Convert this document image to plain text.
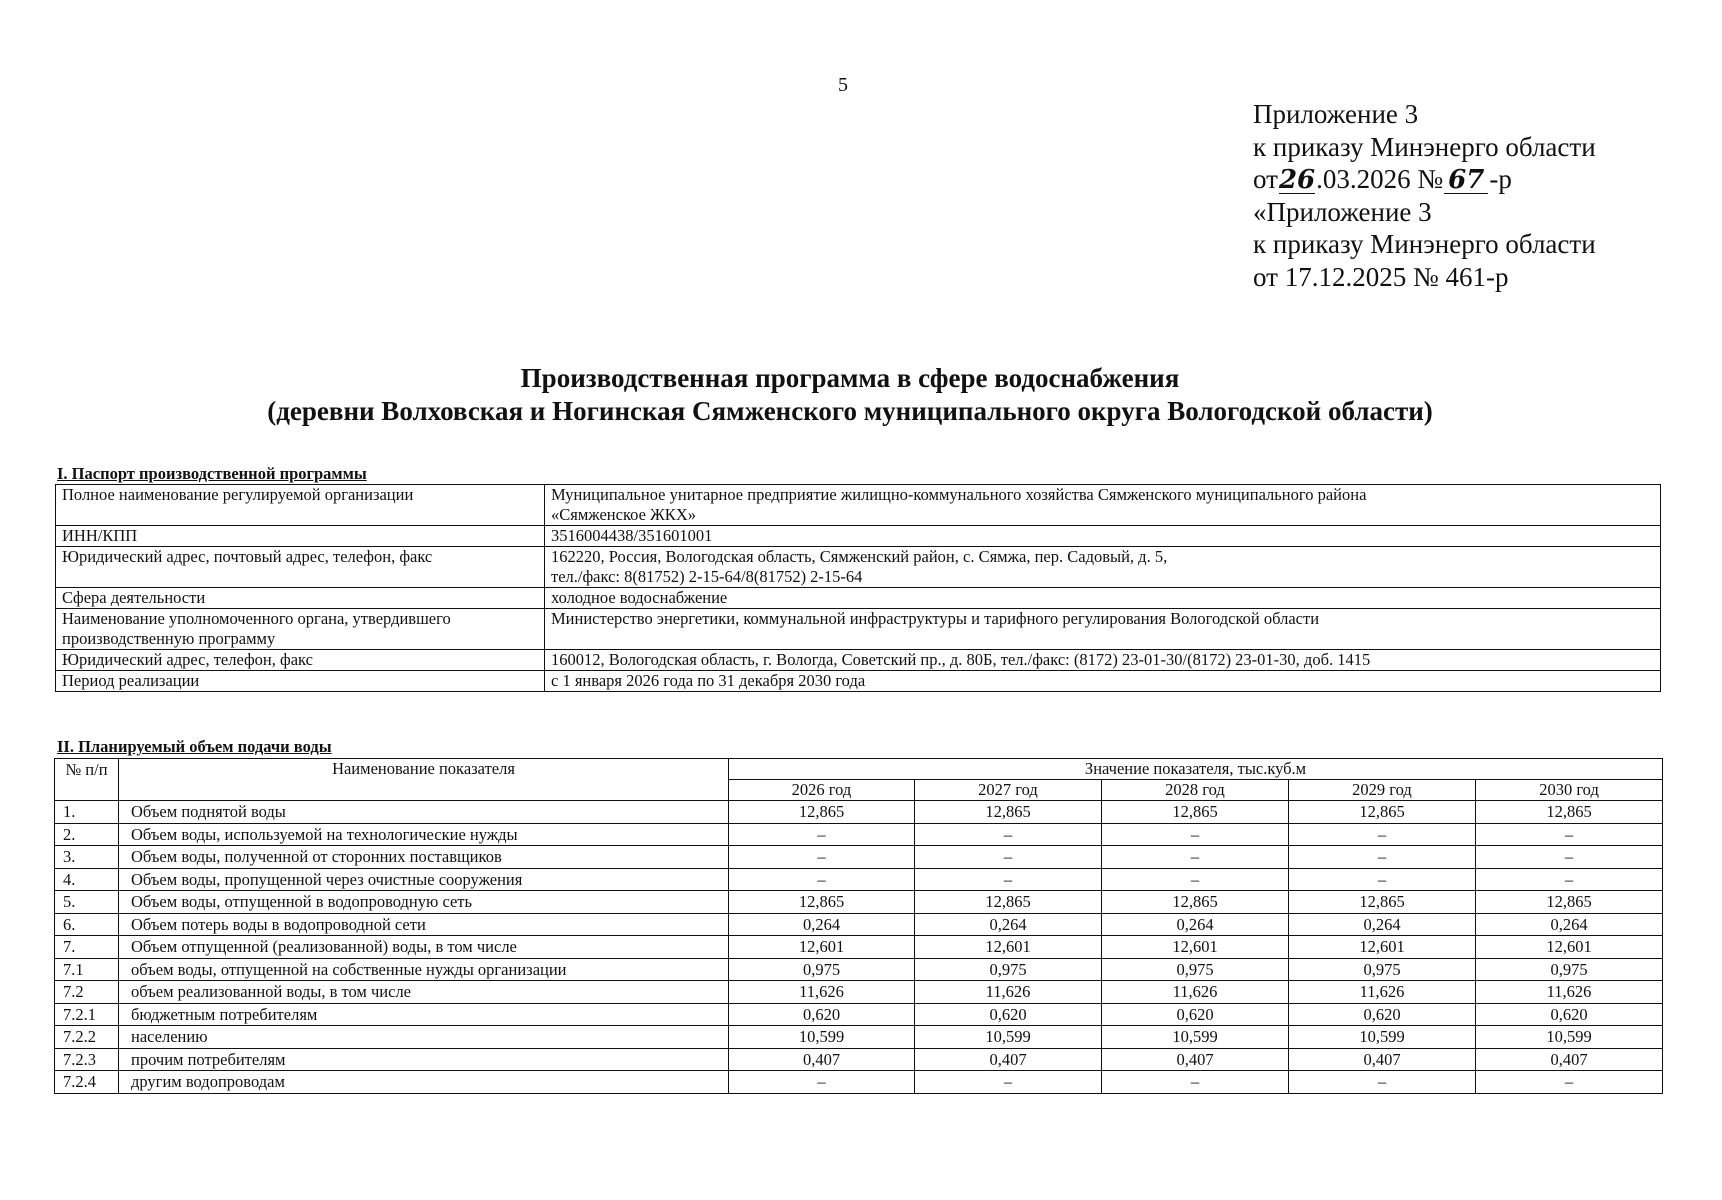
5
Приложение 3
к приказу Минэнерго области
от26.03.2026 № 67 -р
«Приложение 3
к приказу Минэнерго области
от 17.12.2025 № 461-р
Производственная программа в сфере водоснабжения
(деревни Волховская и Ногинская Сямженского муниципального округа Вологодской области)
I. Паспорт производственной программы
Полное наименование регулируемой организации	Муниципальное унитарное предприятие жилищно-коммунального хозяйства Сямженского муниципального района
«Сямженское ЖКХ»

ИНН/КПП	3516004438/351601001

Юридический адрес, почтовый адрес, телефон, факс	162220, Россия, Вологодская область, Сямженский район, с. Сямжа, пер. Садовый, д. 5,
тел./факс: 8(81752) 2-15-64/8(81752) 2-15-64

Сфера деятельности	холодное водоснабжение

Наименование уполномоченного органа, утвердившего производственную программу	Министерство энергетики, коммунальной инфраструктуры и тарифного регулирования Вологодской области

Юридический адрес, телефон, факс	160012, Вологодская область, г. Вологда, Советский пр., д. 80Б, тел./факс: (8172) 23-01-30/(8172) 23-01-30, доб. 1415

Период реализации	с 1 января 2026 года по 31 декабря 2030 года
II. Планируемый объем подачи воды
№ п/п	Наименование показателя	Значение показателя, тыс.куб.м				
		2026 год	2027 год	2028 год	2029 год	2030 год
1.	Объем поднятой воды	12,865	12,865	12,865	12,865	12,865
2.	Объем воды, используемой на технологические нужды	–	–	–	–	–
3.	Объем воды, полученной от сторонних поставщиков	–	–	–	–	–
4.	Объем воды, пропущенной через очистные сооружения	–	–	–	–	–
5.	Объем воды, отпущенной в водопроводную сеть	12,865	12,865	12,865	12,865	12,865
6.	Объем потерь воды в водопроводной сети	0,264	0,264	0,264	0,264	0,264
7.	Объем отпущенной (реализованной) воды, в том числе	12,601	12,601	12,601	12,601	12,601
7.1	объем воды, отпущенной на собственные нужды организации	0,975	0,975	0,975	0,975	0,975
7.2	объем реализованной воды, в том числе	11,626	11,626	11,626	11,626	11,626
7.2.1	бюджетным потребителям	0,620	0,620	0,620	0,620	0,620
7.2.2	населению	10,599	10,599	10,599	10,599	10,599
7.2.3	прочим потребителям	0,407	0,407	0,407	0,407	0,407
7.2.4	другим водопроводам	–	–	–	–	–
